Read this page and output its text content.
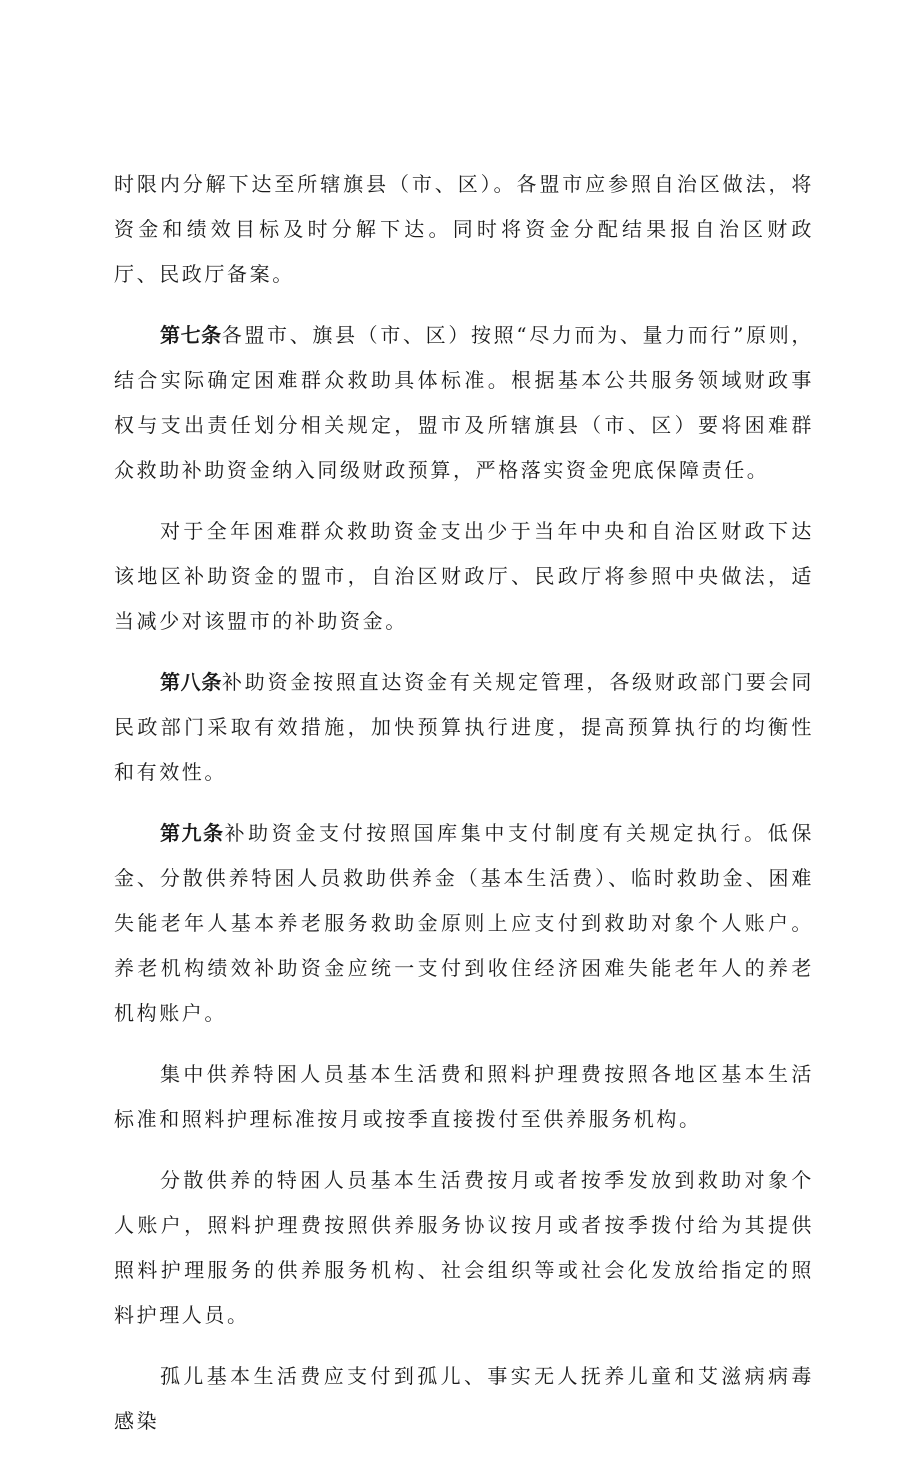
时限内分解下达至所辖旗县（市、区）。各盟市应参照自治区做法，将资金和绩效目标及时分解下达。同时将资金分配结果报自治区财政厅、民政厅备案。

第七条各盟市、旗县（市、区）按照“尽力而为、量力而行”原则，结合实际确定困难群众救助具体标准。根据基本公共服务领域财政事权与支出责任划分相关规定，盟市及所辖旗县（市、区）要将困难群众救助补助资金纳入同级财政预算，严格落实资金兜底保障责任。

对于全年困难群众救助资金支出少于当年中央和自治区财政下达该地区补助资金的盟市，自治区财政厅、民政厅将参照中央做法，适当减少对该盟市的补助资金。

第八条补助资金按照直达资金有关规定管理，各级财政部门要会同民政部门采取有效措施，加快预算执行进度，提高预算执行的均衡性和有效性。

第九条补助资金支付按照国库集中支付制度有关规定执行。低保金、分散供养特困人员救助供养金（基本生活费）、临时救助金、困难失能老年人基本养老服务救助金原则上应支付到救助对象个人账户。养老机构绩效补助资金应统一支付到收住经济困难失能老年人的养老机构账户。

集中供养特困人员基本生活费和照料护理费按照各地区基本生活标准和照料护理标准按月或按季直接拨付至供养服务机构。

分散供养的特困人员基本生活费按月或者按季发放到救助对象个人账户，照料护理费按照供养服务协议按月或者按季拨付给为其提供照料护理服务的供养服务机构、社会组织等或社会化发放给指定的照料护理人员。

孤儿基本生活费应支付到孤儿、事实无人抚养儿童和艾滋病病毒感染
